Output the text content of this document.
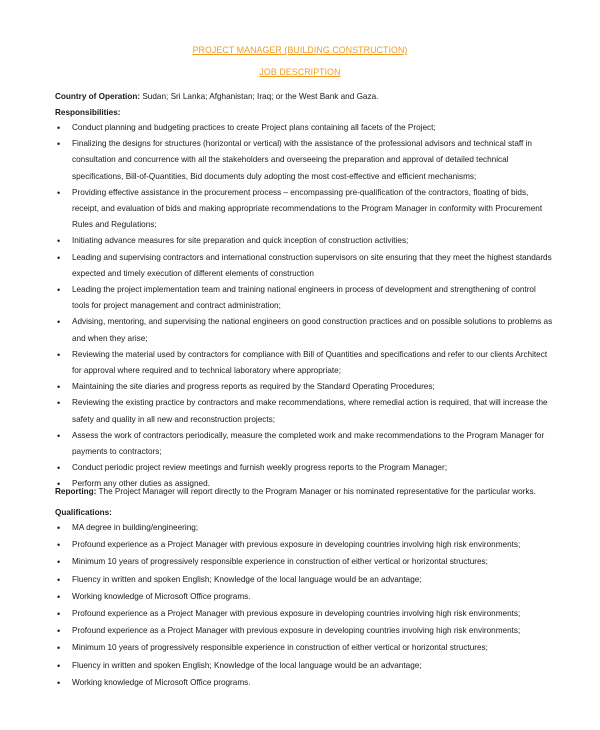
PROJECT MANAGER (BUILDING CONSTRUCTION)
JOB DESCRIPTION
Country of Operation: Sudan; Sri Lanka; Afghanistan; Iraq; or the West Bank and Gaza.
Responsibilities:
• Conduct planning and budgeting practices to create Project plans containing all facets of the Project;
• Finalizing the designs for structures (horizontal or vertical) with the assistance of the professional advisors and technical staff in consultation and concurrence with all the stakeholders and overseeing the preparation and approval of detailed technical specifications, Bill-of-Quantities, Bid documents duly adopting the most cost-effective and efficient mechanisms;
• Providing effective assistance in the procurement process – encompassing pre-qualification of the contractors, floating of bids, receipt, and evaluation of bids and making appropriate recommendations to the Program Manager in conformity with Procurement Rules and Regulations;
• Initiating advance measures for site preparation and quick inception of construction activities;
• Leading and supervising contractors and international construction supervisors on site ensuring that they meet the highest standards expected and timely execution of different elements of construction
• Leading the project implementation team and training national engineers in process of development and strengthening of control tools for project management and contract administration;
• Advising, mentoring, and supervising the national engineers on good construction practices and on possible solutions to problems as and when they arise;
• Reviewing the material used by contractors for compliance with Bill of Quantities and specifications and refer to our clients Architect for approval where required and to technical laboratory where appropriate;
• Maintaining the site diaries and progress reports as required by the Standard Operating Procedures;
• Reviewing the existing practice by contractors and make recommendations, where remedial action is required, that will increase the safety and quality in all new and reconstruction projects;
• Assess the work of contractors periodically, measure the completed work and make recommendations to the Program Manager for payments to contractors;
• Conduct periodic project review meetings and furnish weekly progress reports to the Program Manager;
• Perform any other duties as assigned.
Reporting: The Project Manager will report directly to the Program Manager or his nominated representative for the particular works.
Qualifications:
• MA degree in building/engineering;
• Profound experience as a Project Manager with previous exposure in developing countries involving high risk environments;
• Minimum 10 years of progressively responsible experience in construction of either vertical or horizontal structures;
• Fluency in written and spoken English; Knowledge of the local language would be an advantage;
• Working knowledge of Microsoft Office programs.
• Profound experience as a Project Manager with previous exposure in developing countries involving high risk environments;
• Profound experience as a Project Manager with previous exposure in developing countries involving high risk environments;
• Minimum 10 years of progressively responsible experience in construction of either vertical or horizontal structures;
• Fluency in written and spoken English; Knowledge of the local language would be an advantage;
• Working knowledge of Microsoft Office programs.
